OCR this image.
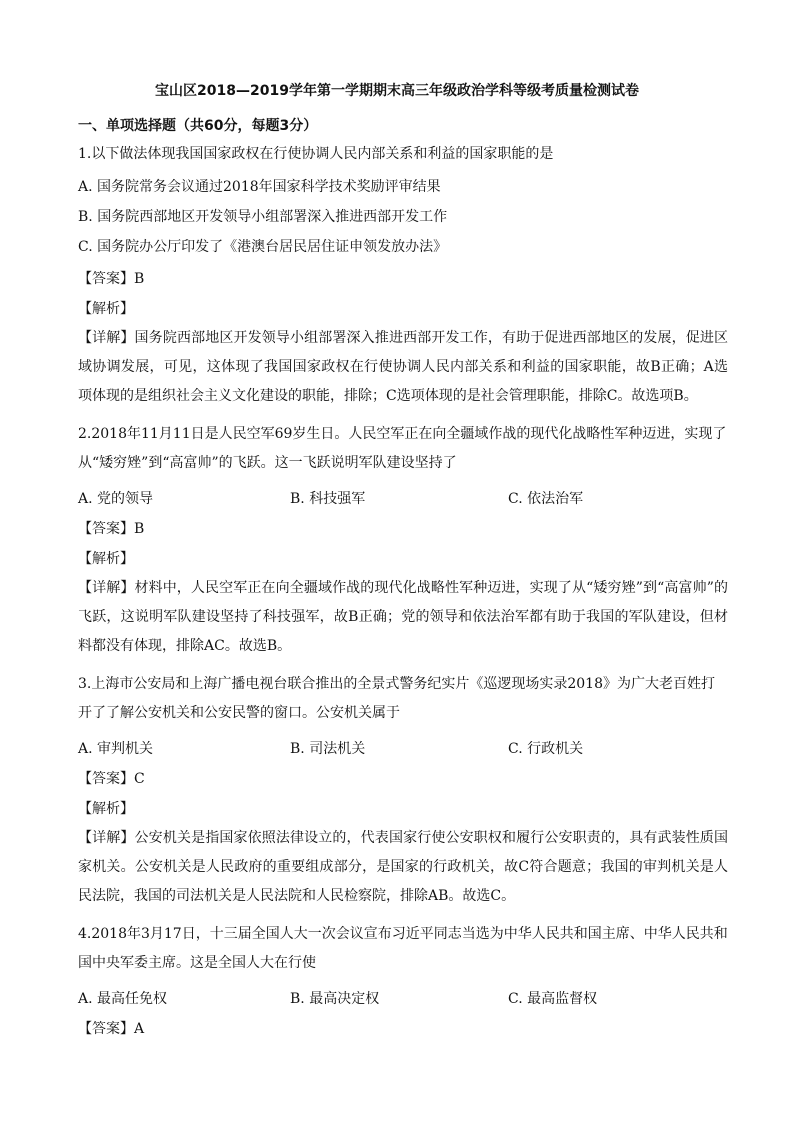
宝山区2018—2019学年第一学期期末高三年级政治学科等级考质量检测试卷
一、单项选择题（共60分，每题3分）
1.以下做法体现我国国家政权在行使协调人民内部关系和利益的国家职能的是
A. 国务院常务会议通过2018年国家科学技术奖励评审结果
B. 国务院西部地区开发领导小组部署深入推进西部开发工作
C. 国务院办公厅印发了《港澳台居民居住证申领发放办法》
【答案】B
【解析】
【详解】国务院西部地区开发领导小组部署深入推进西部开发工作，有助于促进西部地区的发展，促进区域协调发展，可见，这体现了我国国家政权在行使协调人民内部关系和利益的国家职能，故B正确；A选项体现的是组织社会主义文化建设的职能，排除；C选项体现的是社会管理职能，排除C。故选项B。
2.2018年11月11日是人民空军69岁生日。人民空军正在向全疆域作战的现代化战略性军种迈进，实现了从“矮穷矬”到“高富帅”的飞跃。这一飞跃说明军队建设坚持了
A. 党的领导	B. 科技强军	C. 依法治军
【答案】B
【解析】
【详解】材料中，人民空军正在向全疆域作战的现代化战略性军种迈进，实现了从“矮穷矬”到“高富帅”的飞跃，这说明军队建设坚持了科技强军，故B正确；党的领导和依法治军都有助于我国的军队建设，但材料都没有体现，排除AC。故选B。
3.上海市公安局和上海广播电视台联合推出的全景式警务纪实片《巡逻现场实录2018》为广大老百姓打开了了解公安机关和公安民警的窗口。公安机关属于
A. 审判机关	B. 司法机关	C. 行政机关
【答案】C
【解析】
【详解】公安机关是指国家依照法律设立的，代表国家行使公安职权和履行公安职责的，具有武装性质国家机关。公安机关是人民政府的重要组成部分，是国家的行政机关，故C符合题意；我国的审判机关是人民法院，我国的司法机关是人民法院和人民检察院，排除AB。故选C。
4.2018年3月17日，十三届全国人大一次会议宣布习近平同志当选为中华人民共和国主席、中华人民共和国中央军委主席。这是全国人大在行使
A. 最高任免权	B. 最高决定权	C. 最高监督权
【答案】A
